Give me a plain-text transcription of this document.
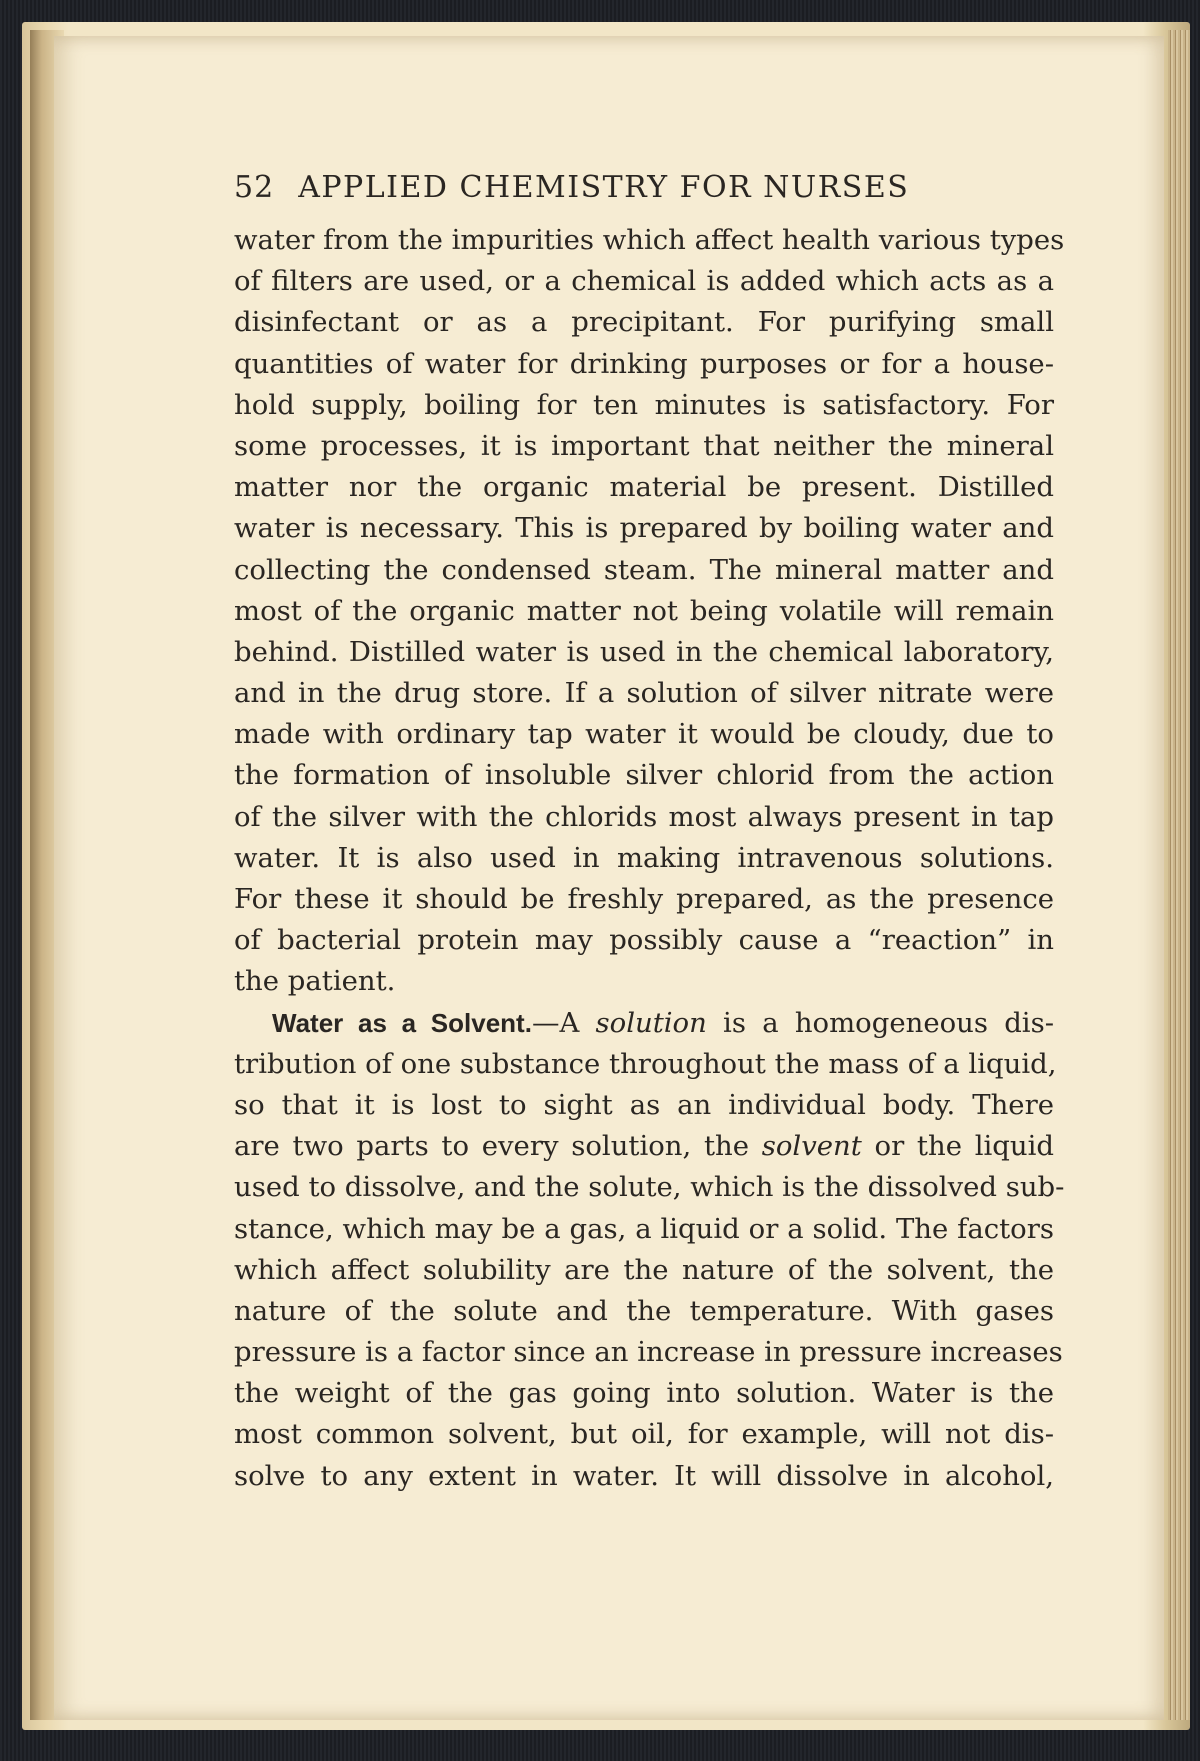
52 APPLIED CHEMISTRY FOR NURSES
water from the impurities which affect health various types
of filters are used, or a chemical is added which acts as a
disinfectant or as a precipitant. For purifying small
quantities of water for drinking purposes or for a house-
hold supply, boiling for ten minutes is satisfactory. For
some processes, it is important that neither the mineral
matter nor the organic material be present. Distilled
water is necessary. This is prepared by boiling water and
collecting the condensed steam. The mineral matter and
most of the organic matter not being volatile will remain
behind. Distilled water is used in the chemical laboratory,
and in the drug store. If a solution of silver nitrate were
made with ordinary tap water it would be cloudy, due to
the formation of insoluble silver chlorid from the action
of the silver with the chlorids most always present in tap
water. It is also used in making intravenous solutions.
For these it should be freshly prepared, as the presence
of bacterial protein may possibly cause a “reaction” in
the patient.
Water as a Solvent.—A solution is a homogeneous dis-
tribution of one substance throughout the mass of a liquid,
so that it is lost to sight as an individual body. There
are two parts to every solution, the solvent or the liquid
used to dissolve, and the solute, which is the dissolved sub-
stance, which may be a gas, a liquid or a solid. The factors
which affect solubility are the nature of the solvent, the
nature of the solute and the temperature. With gases
pressure is a factor since an increase in pressure increases
the weight of the gas going into solution. Water is the
most common solvent, but oil, for example, will not dis-
solve to any extent in water. It will dissolve in alcohol,
